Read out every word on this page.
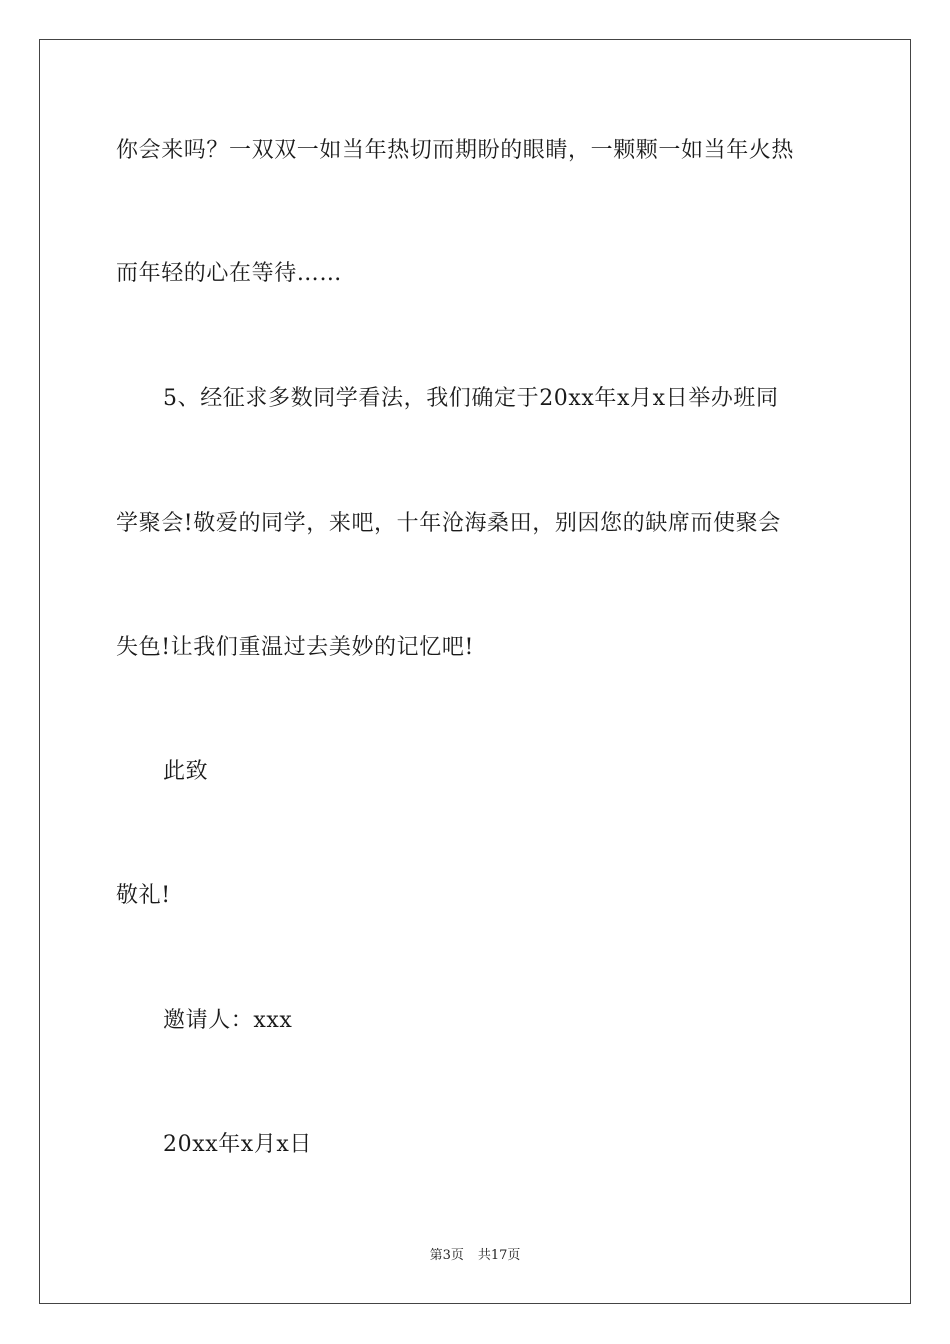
你会来吗？一双双一如当年热切而期盼的眼睛，一颗颗一如当年火热
而年轻的心在等待……
5、经征求多数同学看法，我们确定于20xx年x月x日举办班同
学聚会!敬爱的同学，来吧，十年沧海桑田，别因您的缺席而使聚会
失色!让我们重温过去美妙的记忆吧!
此致
敬礼!
邀请人：xxx
20xx年x月x日
第3页 共17页
